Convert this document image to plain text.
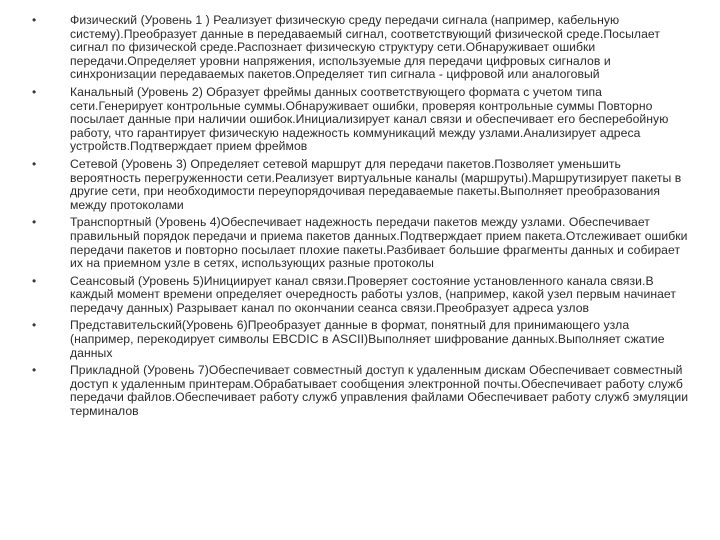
•	Физический (Уровень 1 ) Реализует физическую среду передачи сигнала (например, кабельную систему).Преобразует данные в передаваемый сигнал, соответствующий физической среде.Посылает сигнал по физической среде.Распознает физическую структуру сети.Обнаруживает ошибки передачи.Определяет уровни напряжения, используемые для передачи цифровых сигналов и синхронизации передаваемых пакетов.Определяет тип сигнала - цифровой или аналоговый
•	Канальный (Уровень 2) Образует фреймы данных соответствующего формата с учетом типа сети.Генерирует контрольные суммы.Обнаруживает ошибки, проверяя контрольные суммы Повторно посылает данные при наличии ошибок.Инициализирует канал связи и обеспечивает его бесперебойную работу, что гарантирует физическую надежность коммуникаций между узлами.Анализирует адреса устройств.Подтверждает прием фреймов
•	Сетевой (Уровень 3) Определяет сетевой маршрут для передачи пакетов.Позволяет уменьшить вероятность перегруженности сети.Реализует виртуальные каналы (маршруты).Маршрутизирует пакеты в другие сети, при необходимости переупорядочивая передаваемые пакеты.Выполняет преобразования между протоколами
•	Транспортный (Уровень 4)Обеспечивает надежность передачи пакетов между узлами. Обеспечивает правильный порядок передачи и приема пакетов данных.Подтверждает прием пакета.Отслеживает ошибки передачи пакетов и повторно посылает плохие пакеты.Разбивает большие фрагменты данных и собирает их на приемном узле в сетях, использующих разные протоколы
•	Сеансовый (Уровень 5)Инициирует канал связи.Проверяет состояние установленного канала связи.В каждый момент времени определяет очередность работы узлов, (например, какой узел первым начинает передачу данных) Разрывает канал по окончании сеанса связи.Преобразует адреса узлов
•	Представительский(Уровень 6)Преобразует данные в формат, понятный для принимающего узла (например, перекодирует символы EBCDIC в ASCII)Выполняет шифрование данных.Выполняет сжатие данных
•	Прикладной (Уровень 7)Обеспечивает совместный доступ к удаленным дискам Обеспечивает совместный доступ к удаленным принтерам.Обрабатывает сообщения электронной почты.Обеспечивает работу служб передачи файлов.Обеспечивает работу служб управления файлами Обеспечивает работу служб эмуляции терминалов
